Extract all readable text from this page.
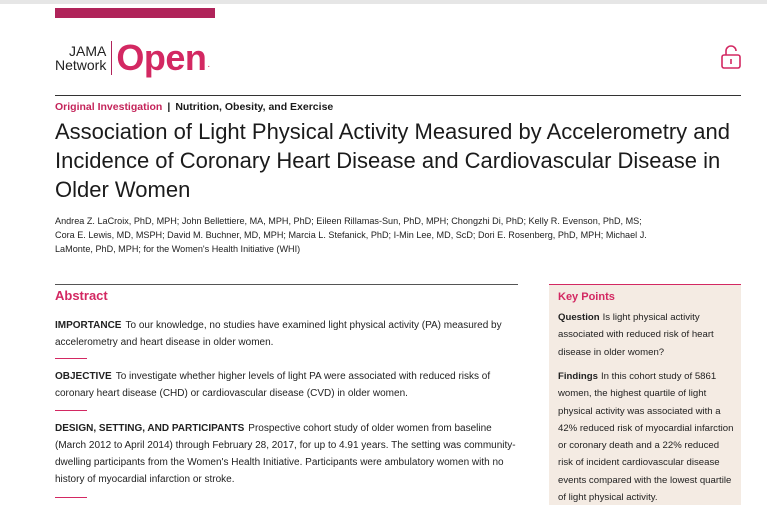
JAMA
Network Open .
Original Investigation | Nutrition, Obesity, and Exercise
Association of Light Physical Activity Measured by Accelerometry and Incidence of Coronary Heart Disease and Cardiovascular Disease in Older Women
Andrea Z. LaCroix, PhD, MPH; John Bellettiere, MA, MPH, PhD; Eileen Rillamas-Sun, PhD, MPH; Chongzhi Di, PhD; Kelly R. Evenson, PhD, MS; Cora E. Lewis, MD, MSPH; David M. Buchner, MD, MPH; Marcia L. Stefanick, PhD; I-Min Lee, MD, ScD; Dori E. Rosenberg, PhD, MPH; Michael J. LaMonte, PhD, MPH; for the Women's Health Initiative (WHI)
Abstract
IMPORTANCE To our knowledge, no studies have examined light physical activity (PA) measured by accelerometry and heart disease in older women.
OBJECTIVE To investigate whether higher levels of light PA were associated with reduced risks of coronary heart disease (CHD) or cardiovascular disease (CVD) in older women.
DESIGN, SETTING, AND PARTICIPANTS Prospective cohort study of older women from baseline (March 2012 to April 2014) through February 28, 2017, for up to 4.91 years. The setting was community-dwelling participants from the Women's Health Initiative. Participants were ambulatory women with no history of myocardial infarction or stroke.
Key Points
Question Is light physical activity associated with reduced risk of heart disease in older women?
Findings In this cohort study of 5861 women, the highest quartile of light physical activity was associated with a 42% reduced risk of myocardial infarction or coronary death and a 22% reduced risk of incident cardiovascular disease events compared with the lowest quartile of light physical activity.
